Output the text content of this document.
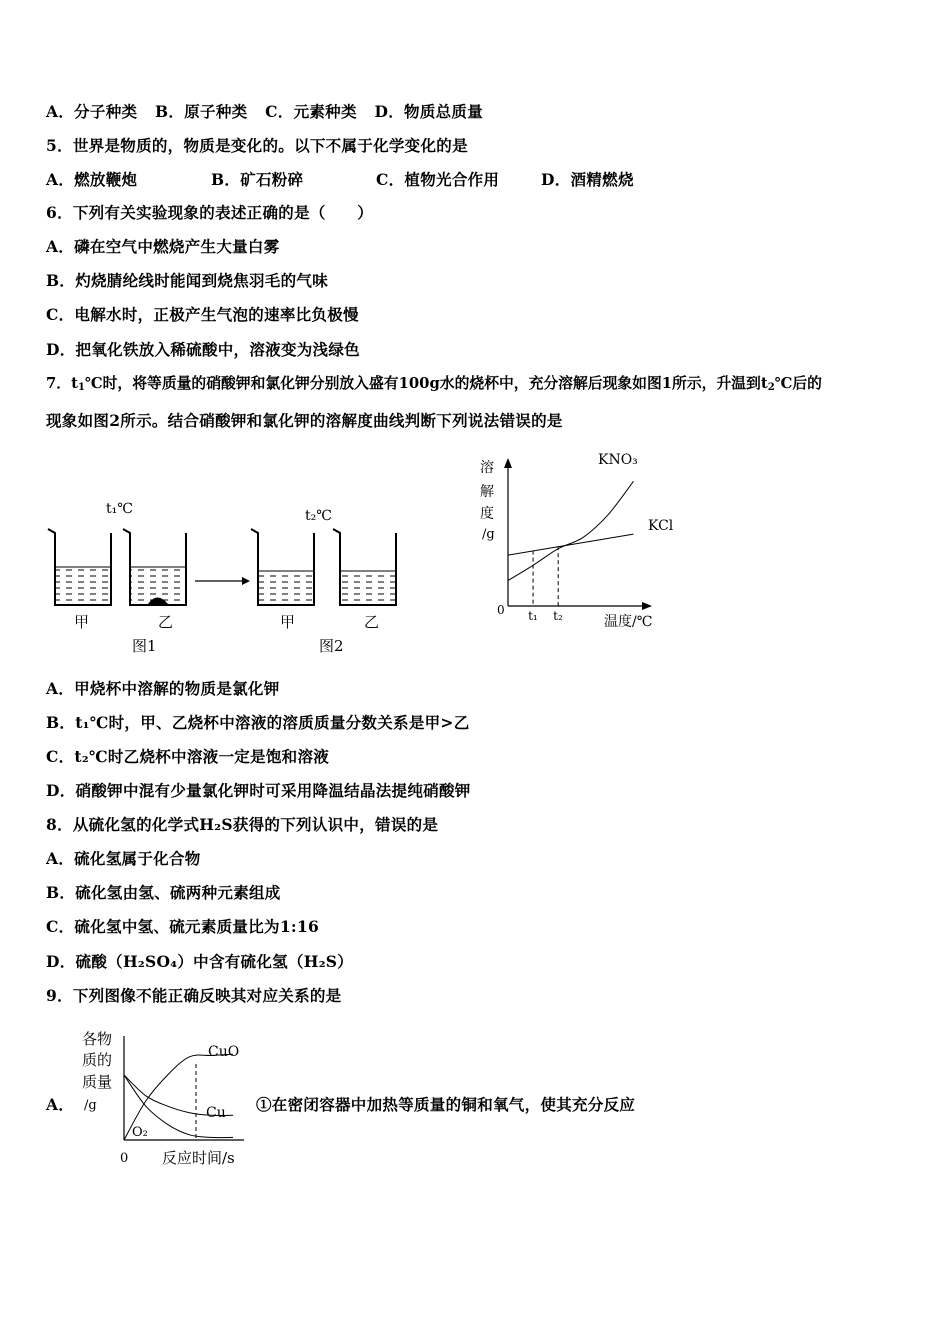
A．分子种类 B．原子种类 C．元素种类 D．物质总质量
5．世界是物质的，物质是变化的。以下不属于化学变化的是
A．燃放鞭炮	B．矿石粉碎	C．植物光合作用	D．酒精燃烧
6．下列有关实验现象的表述正确的是（　　）
A．磷在空气中燃烧产生大量白雾
B．灼烧腈纶线时能闻到烧焦羽毛的气味
C．电解水时，正极产生气泡的速率比负极慢
D．把氧化铁放入稀硫酸中，溶液变为浅绿色
7．$t_1℃$时，将等质量的硝酸钾和氯化钾分别放入盛有100g水的烧杯中，充分溶解后现象如图1所示，升温到$t_2℃$后的
现象如图2所示。结合硝酸钾和氯化钾的溶解度曲线判断下列说法错误的是
t₁℃	t₂℃
甲	乙	甲	乙
图1	图2
溶
解
度
/g
0 t₁ t₂
KNO₃
KCl
温度/℃
A．甲烧杯中溶解的物质是氯化钾
B．t₁℃时，甲、乙烧杯中溶液的溶质质量分数关系是甲>乙
C．t₂℃时乙烧杯中溶液一定是饱和溶液
D．硝酸钾中混有少量氯化钾时可采用降温结晶法提纯硝酸钾
8．从硫化氢的化学式H₂S获得的下列认识中，错误的是
A．硫化氢属于化合物
B．硫化氢由氢、硫两种元素组成
C．硫化氢中氢、硫元素质量比为1:16
D．硫酸（H₂SO₄）中含有硫化氢（H₂S）
9．下列图像不能正确反映其对应关系的是
A．	①在密闭容器中加热等质量的铜和氧气，使其充分反应
各物
质的
质量
/g
CuO
Cu
O₂
0 反应时间/s
